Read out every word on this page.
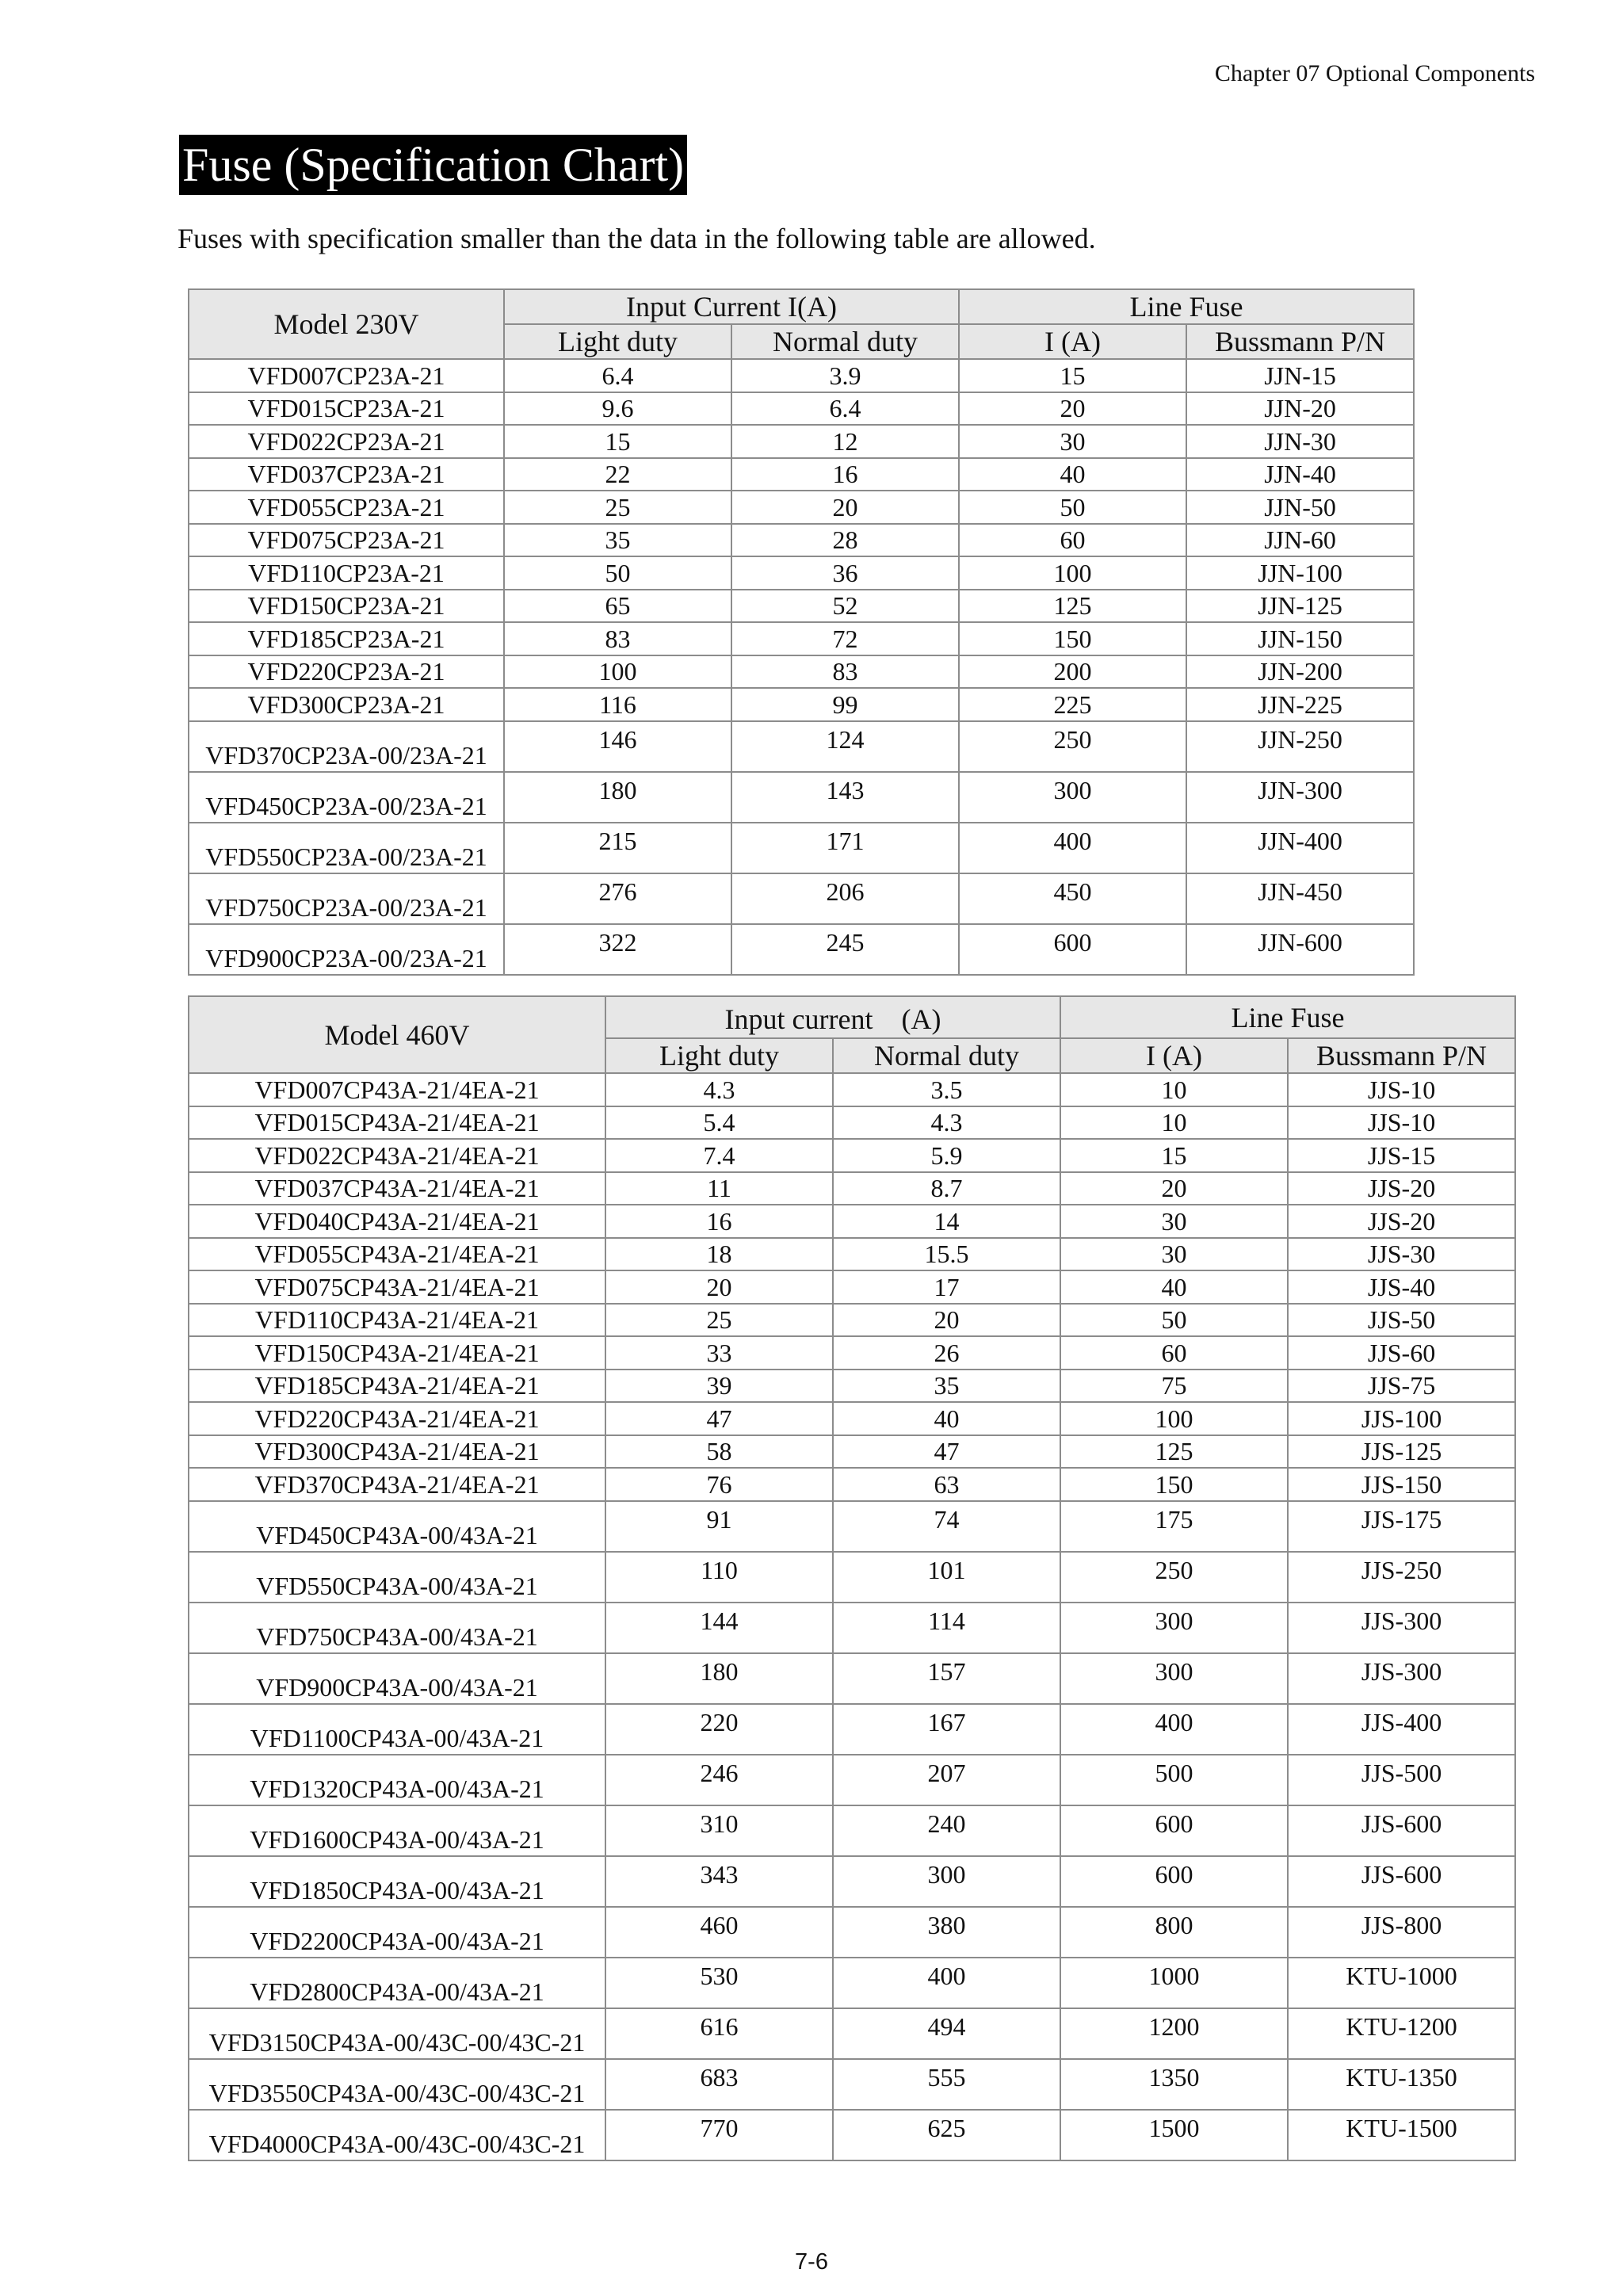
Chapter 07 Optional Components
Fuse (Specification Chart)
Fuses with specification smaller than the data in the following table are allowed.
Model 230V	Input Current I(A)		Line Fuse	
	Light duty	Normal duty	I (A)	Bussmann P/N
VFD007CP23A-21	6.4	3.9	15	JJN-15
VFD015CP23A-21	9.6	6.4	20	JJN-20
VFD022CP23A-21	15	12	30	JJN-30
VFD037CP23A-21	22	16	40	JJN-40
VFD055CP23A-21	25	20	50	JJN-50
VFD075CP23A-21	35	28	60	JJN-60
VFD110CP23A-21	50	36	100	JJN-100
VFD150CP23A-21	65	52	125	JJN-125
VFD185CP23A-21	83	72	150	JJN-150
VFD220CP23A-21	100	83	200	JJN-200
VFD300CP23A-21	116	99	225	JJN-225
VFD370CP23A-00/23A-21	146	124	250	JJN-250
VFD450CP23A-00/23A-21	180	143	300	JJN-300
VFD550CP23A-00/23A-21	215	171	400	JJN-400
VFD750CP23A-00/23A-21	276	206	450	JJN-450
VFD900CP23A-00/23A-21	322	245	600	JJN-600
Model 460V	Input current　(A)		Line Fuse	
	Light duty	Normal duty	I (A)	Bussmann P/N
VFD007CP43A-21/4EA-21	4.3	3.5	10	JJS-10
VFD015CP43A-21/4EA-21	5.4	4.3	10	JJS-10
VFD022CP43A-21/4EA-21	7.4	5.9	15	JJS-15
VFD037CP43A-21/4EA-21	11	8.7	20	JJS-20
VFD040CP43A-21/4EA-21	16	14	30	JJS-20
VFD055CP43A-21/4EA-21	18	15.5	30	JJS-30
VFD075CP43A-21/4EA-21	20	17	40	JJS-40
VFD110CP43A-21/4EA-21	25	20	50	JJS-50
VFD150CP43A-21/4EA-21	33	26	60	JJS-60
VFD185CP43A-21/4EA-21	39	35	75	JJS-75
VFD220CP43A-21/4EA-21	47	40	100	JJS-100
VFD300CP43A-21/4EA-21	58	47	125	JJS-125
VFD370CP43A-21/4EA-21	76	63	150	JJS-150
VFD450CP43A-00/43A-21	91	74	175	JJS-175
VFD550CP43A-00/43A-21	110	101	250	JJS-250
VFD750CP43A-00/43A-21	144	114	300	JJS-300
VFD900CP43A-00/43A-21	180	157	300	JJS-300
VFD1100CP43A-00/43A-21	220	167	400	JJS-400
VFD1320CP43A-00/43A-21	246	207	500	JJS-500
VFD1600CP43A-00/43A-21	310	240	600	JJS-600
VFD1850CP43A-00/43A-21	343	300	600	JJS-600
VFD2200CP43A-00/43A-21	460	380	800	JJS-800
VFD2800CP43A-00/43A-21	530	400	1000	KTU-1000
VFD3150CP43A-00/43C-00/43C-21	616	494	1200	KTU-1200
VFD3550CP43A-00/43C-00/43C-21	683	555	1350	KTU-1350
VFD4000CP43A-00/43C-00/43C-21	770	625	1500	KTU-1500
7-6
